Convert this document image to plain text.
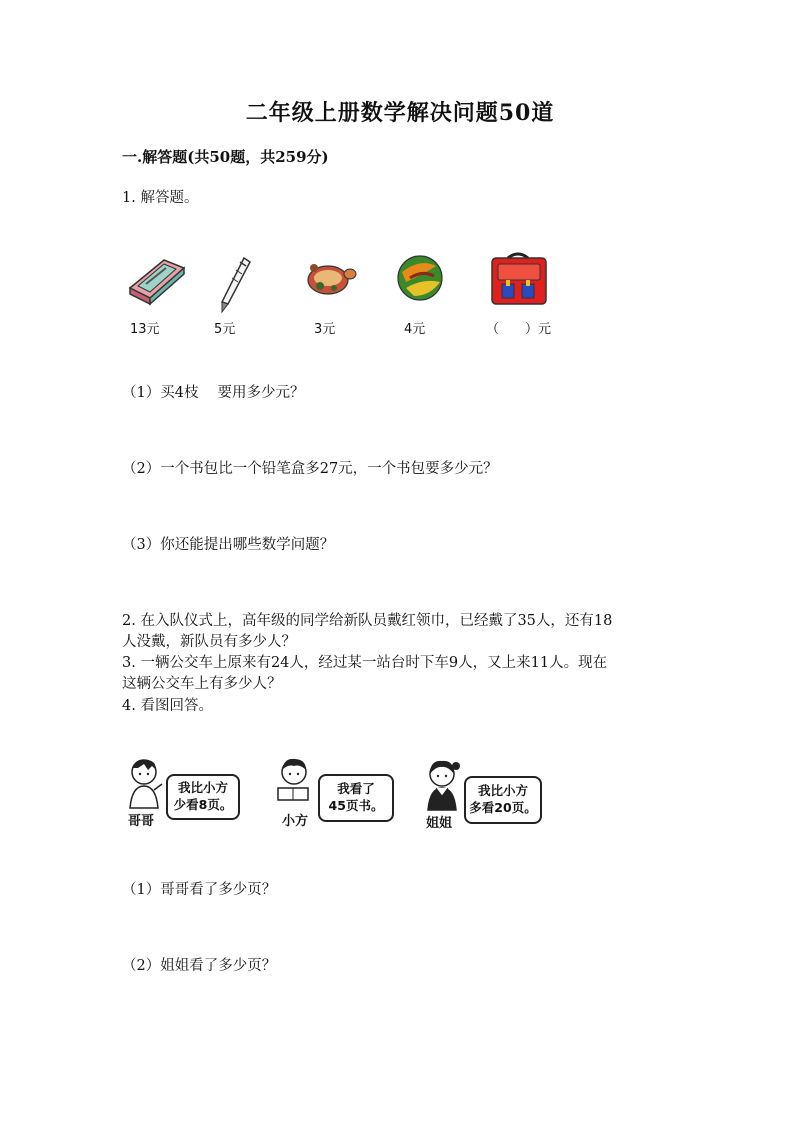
二年级上册数学解决问题50道
一.解答题(共50题，共259分)
1. 解答题。
13元	5元	3元	4元	（　　）元
（1）买4枝　 要用多少元？
（2）一个书包比一个铅笔盒多27元，一个书包要多少元？
（3）你还能提出哪些数学问题？
2. 在入队仪式上，高年级的同学给新队员戴红领巾，已经戴了35人，还有18
人没戴，新队员有多少人？
3. 一辆公交车上原来有24人，经过某一站台时下车9人，又上来11人。现在
这辆公交车上有多少人？
4. 看图回答。
我比小方
少看8页。
哥哥
我看了
45页书。
小方
我比小方
多看20页。
姐姐
（1）哥哥看了多少页？
（2）姐姐看了多少页？
